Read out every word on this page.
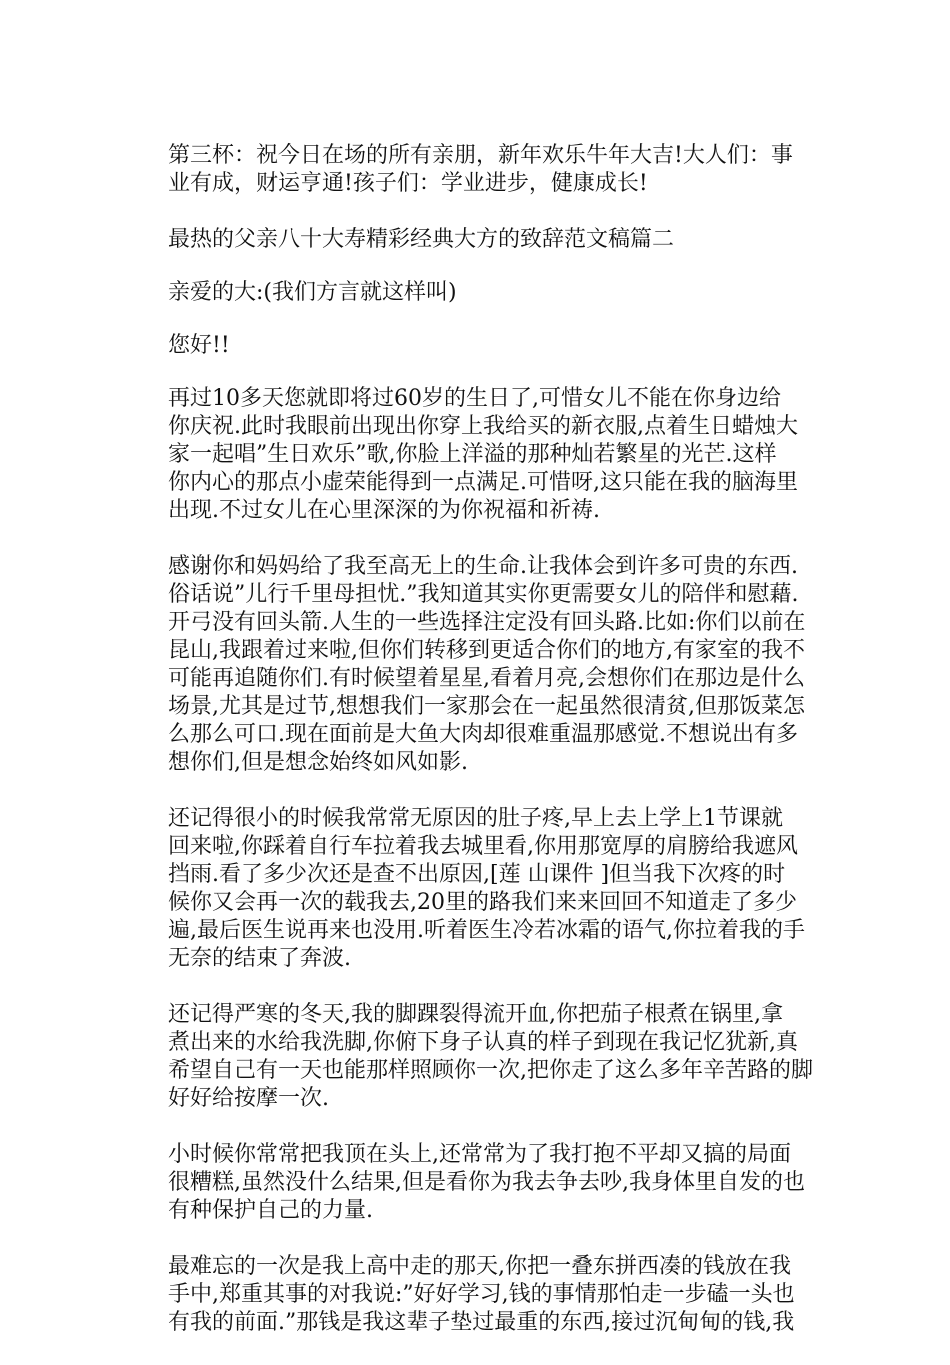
第三杯：祝今日在场的所有亲朋，新年欢乐牛年大吉!大人们：事
业有成，财运亨通!孩子们：学业进步，健康成长!

最热的父亲八十大寿精彩经典大方的致辞范文稿篇二

亲爱的大:(我们方言就这样叫)

您好!!

再过10多天您就即将过60岁的生日了,可惜女儿不能在你身边给
你庆祝.此时我眼前出现出你穿上我给买的新衣服,点着生日蜡烛大
家一起唱”生日欢乐”歌,你脸上洋溢的那种灿若繁星的光芒.这样
你内心的那点小虚荣能得到一点满足.可惜呀,这只能在我的脑海里
出现.不过女儿在心里深深的为你祝福和祈祷.

感谢你和妈妈给了我至高无上的生命.让我体会到许多可贵的东西.
俗话说”儿行千里母担忧.”我知道其实你更需要女儿的陪伴和慰藉.
开弓没有回头箭.人生的一些选择注定没有回头路.比如:你们以前在
昆山,我跟着过来啦,但你们转移到更适合你们的地方,有家室的我不
可能再追随你们.有时候望着星星,看着月亮,会想你们在那边是什么
场景,尤其是过节,想想我们一家那会在一起虽然很清贫,但那饭菜怎
么那么可口.现在面前是大鱼大肉却很难重温那感觉.不想说出有多
想你们,但是想念始终如风如影.

还记得很小的时候我常常无原因的肚子疼,早上去上学上1节课就
回来啦,你踩着自行车拉着我去城里看,你用那宽厚的肩膀给我遮风
挡雨.看了多少次还是查不出原因,[莲 山课件 ]但当我下次疼的时
候你又会再一次的载我去,20里的路我们来来回回不知道走了多少
遍,最后医生说再来也没用.听着医生冷若冰霜的语气,你拉着我的手
无奈的结束了奔波.

还记得严寒的冬天,我的脚踝裂得流开血,你把茄子根煮在锅里,拿
煮出来的水给我洗脚,你俯下身子认真的样子到现在我记忆犹新,真
希望自己有一天也能那样照顾你一次,把你走了这么多年辛苦路的脚
好好给按摩一次.

小时候你常常把我顶在头上,还常常为了我打抱不平却又搞的局面
很糟糕,虽然没什么结果,但是看你为我去争去吵,我身体里自发的也
有种保护自己的力量.

最难忘的一次是我上高中走的那天,你把一叠东拼西凑的钱放在我
手中,郑重其事的对我说:”好好学习,钱的事情那怕走一步磕一头也
有我的前面.”那钱是我这辈子垫过最重的东西,接过沉甸甸的钱,我
